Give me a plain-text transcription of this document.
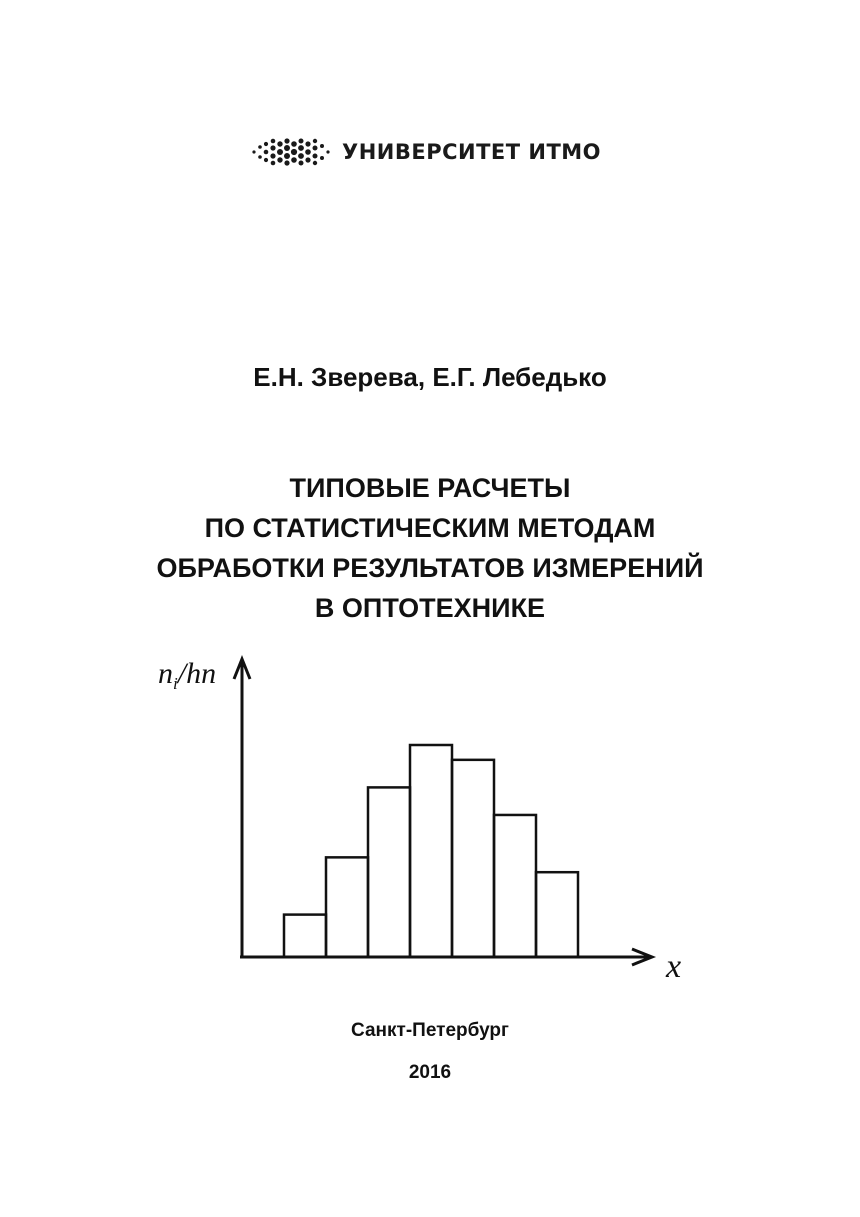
УНИВЕРСИТЕТ ИТМО
Е.Н. Зверева, Е.Г. Лебедько
ТИПОВЫЕ РАСЧЕТЫ
ПО СТАТИСТИЧЕСКИМ МЕТОДАМ
ОБРАБОТКИ РЕЗУЛЬТАТОВ ИЗМЕРЕНИЙ
В ОПТОТЕХНИКЕ
$n_i/hn$
x
Санкт-Петербург
2016
